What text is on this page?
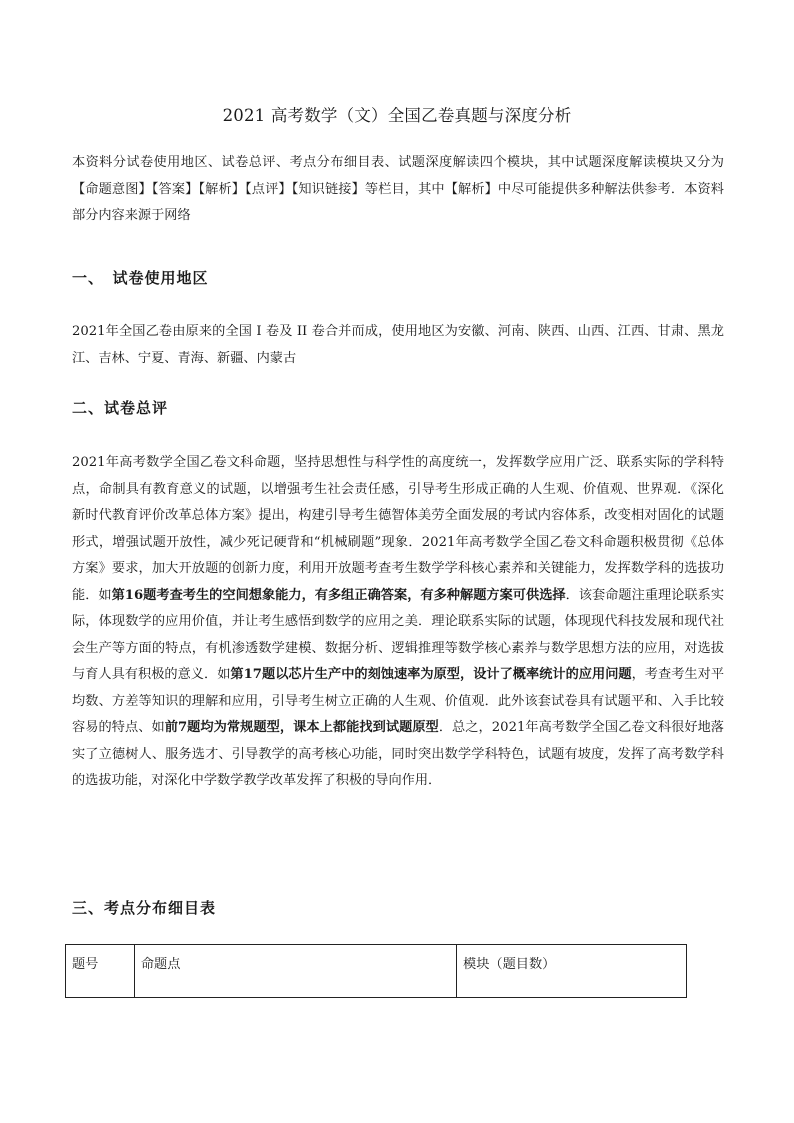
2021 高考数学（文）全国乙卷真题与深度分析

本资料分试卷使用地区、试卷总评、考点分布细目表、试题深度解读四个模块，其中试题深度解读模块又分为【命题意图】【答案】【解析】【点评】【知识链接】等栏目，其中【解析】中尽可能提供多种解法供参考．本资料部分内容来源于网络

一、　试卷使用地区

2021年全国乙卷由原来的全国 I 卷及 II 卷合并而成，使用地区为安徽、河南、陕西、山西、江西、甘肃、黑龙江、吉林、宁夏、青海、新疆、内蒙古

二、试卷总评

2021年高考数学全国乙卷文科命题，坚持思想性与科学性的高度统一，发挥数学应用广泛、联系实际的学科特点，命制具有教育意义的试题，以增强考生社会责任感，引导考生形成正确的人生观、价值观、世界观．《深化新时代教育评价改革总体方案》提出，构建引导考生德智体美劳全面发展的考试内容体系，改变相对固化的试题形式，增强试题开放性，减少死记硬背和“机械刷题”现象．2021年高考数学全国乙卷文科命题积极贯彻《总体方案》要求，加大开放题的创新力度，利用开放题考查考生数学学科核心素养和关键能力，发挥数学科的选拔功能．如第16题考查考生的空间想象能力，有多组正确答案，有多种解题方案可供选择．该套命题注重理论联系实际，体现数学的应用价值，并让考生感悟到数学的应用之美．理论联系实际的试题，体现现代科技发展和现代社会生产等方面的特点，有机渗透数学建模、数据分析、逻辑推理等数学核心素养与数学思想方法的应用，对选拔与育人具有积极的意义．如第17题以芯片生产中的刻蚀速率为原型，设计了概率统计的应用问题，考查考生对平均数、方差等知识的理解和应用，引导考生树立正确的人生观、价值观．此外该套试卷具有试题平和、入手比较容易的特点、如前7题均为常规题型，课本上都能找到试题原型．总之，2021年高考数学全国乙卷文科很好地落实了立德树人、服务选才、引导教学的高考核心功能，同时突出数学学科特色，试题有坡度，发挥了高考数学科的选拔功能，对深化中学数学教学改革发挥了积极的导向作用．

三、考点分布细目表
题号	命题点	模块（题目数）
